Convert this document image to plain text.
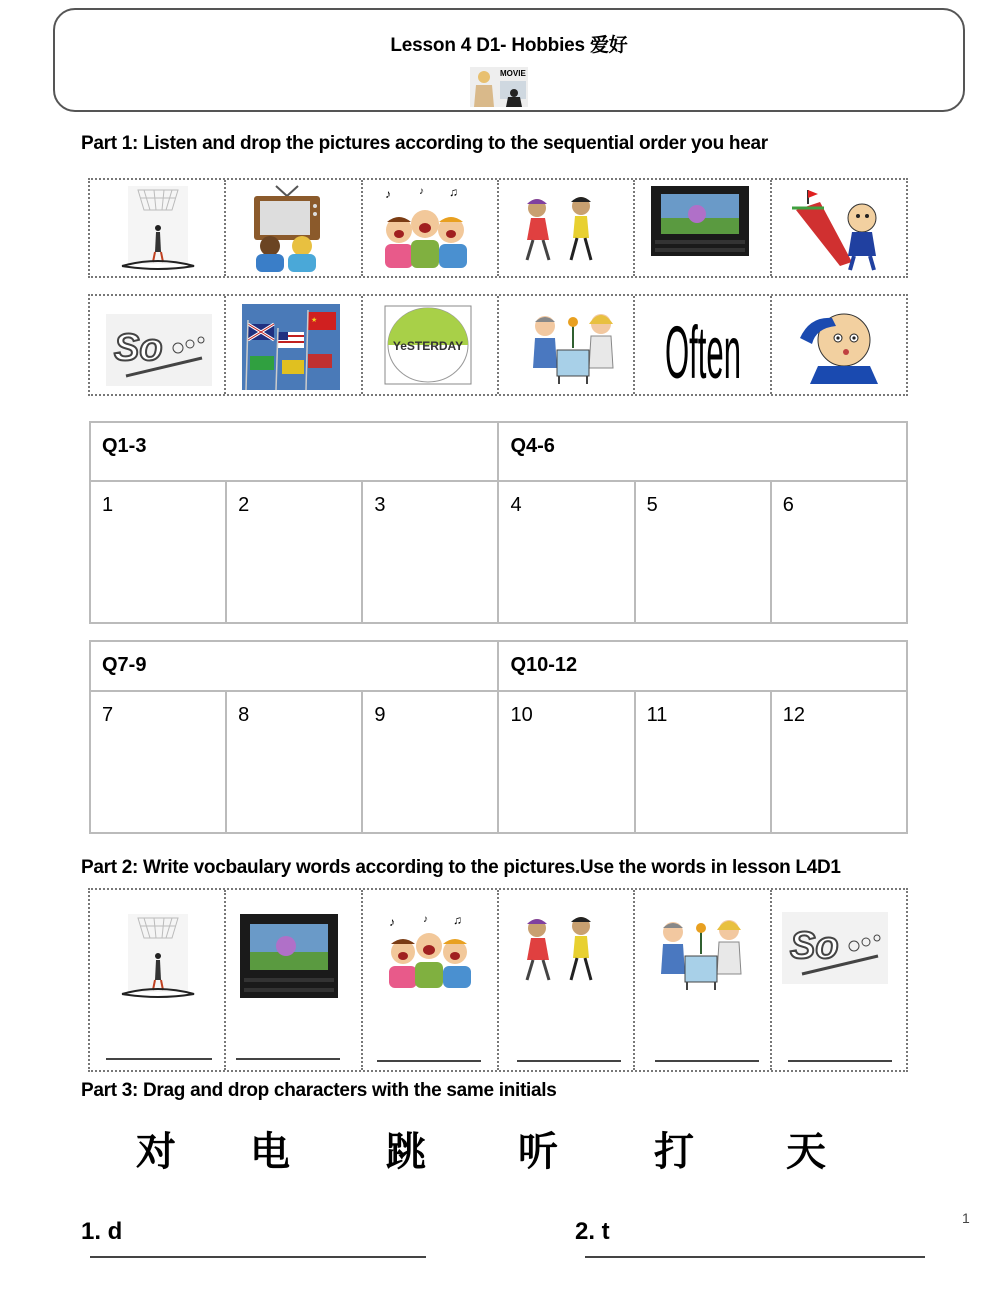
Lesson 4 D1- Hobbies 爱好
MOVIE
Part 1: Listen and drop the pictures according to the sequential order you hear
♪	♫
♪
So
★
YeSTERDAY	Often
Q1-3			Q4-6		
1	2	3	4	5	6
Q7-9			Q10-12		
7	8	9	10	11	12
Part 2: Write vocbaulary words according to the pictures.Use the words in lesson L4D1
♪	♫
♪
So
Part 3: Drag and drop characters with the same initials
对 电 跳 听 打 天
1. d	2. t	1
